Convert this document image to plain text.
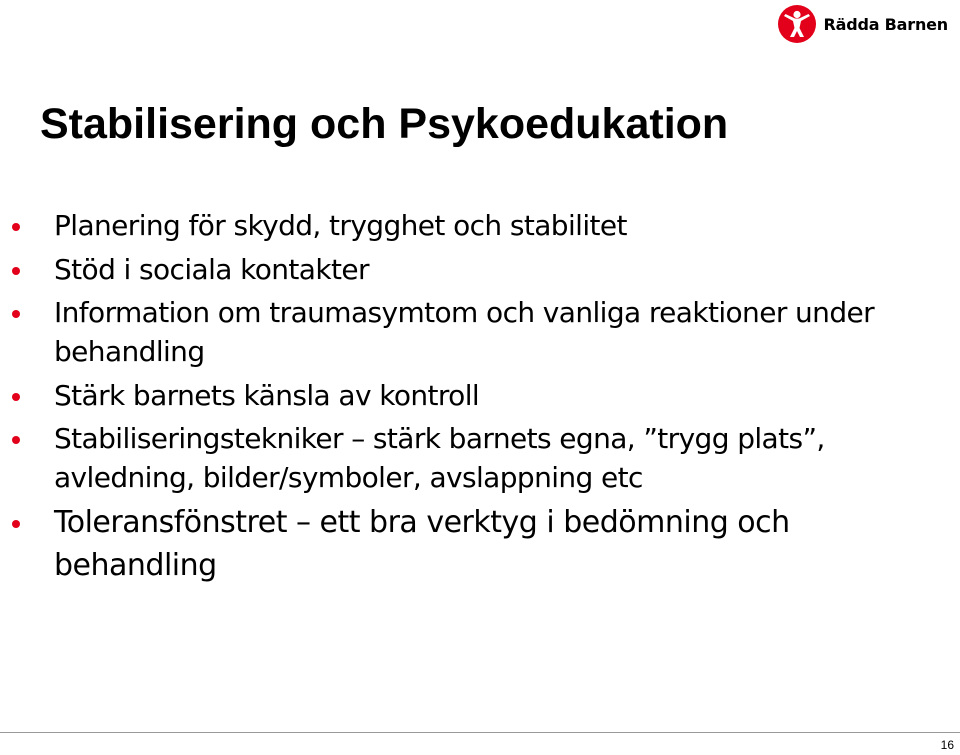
Rädda Barnen
Stabilisering och Psykoedukation
Planering för skydd, trygghet och stabilitet
Stöd i sociala kontakter
Information om traumasymtom och vanliga reaktioner under behandling
Stärk barnets känsla av kontroll
Stabiliseringstekniker – stärk barnets egna, ”trygg plats”, avledning, bilder/symboler, avslappning etc
Toleransfönstret – ett bra verktyg i bedömning och behandling
16
